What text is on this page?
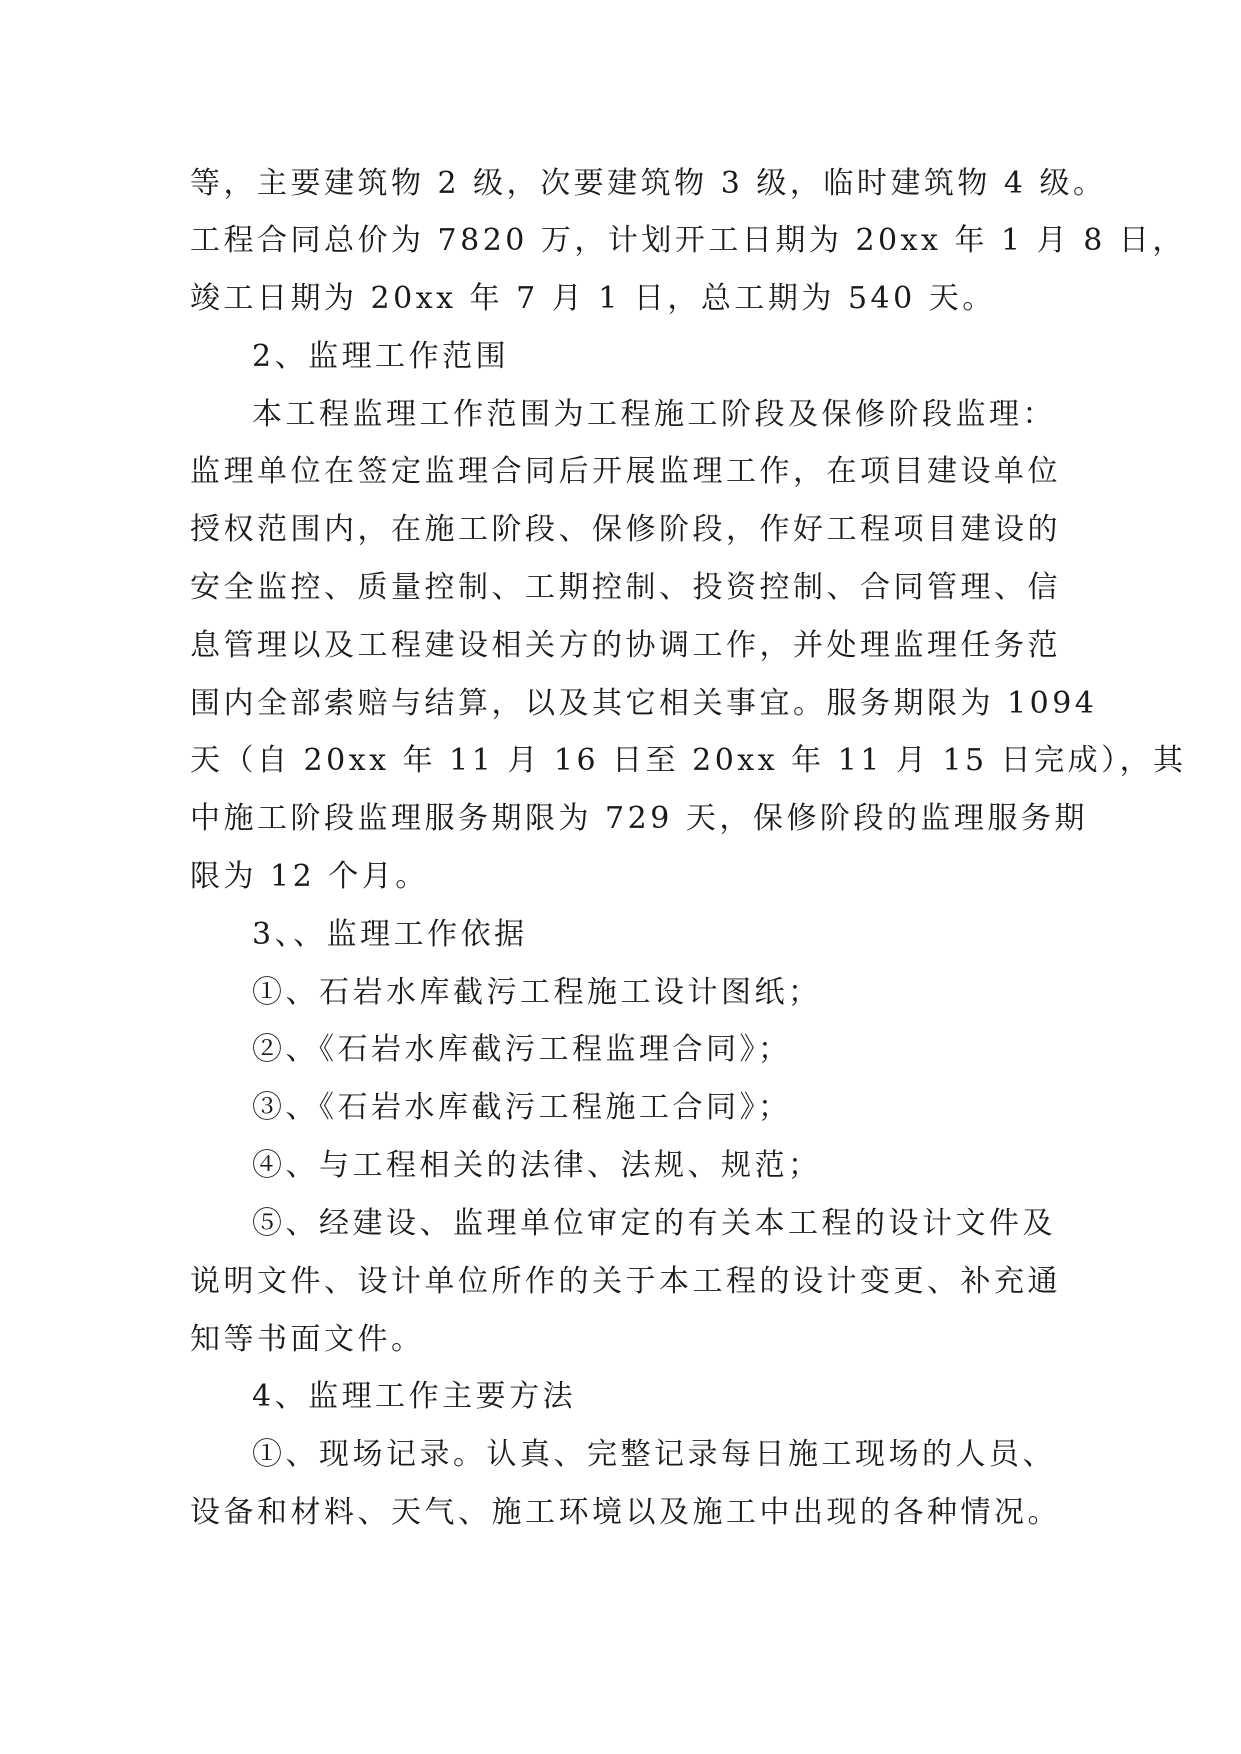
等，主要建筑物 2 级，次要建筑物 3 级，临时建筑物 4 级。
工程合同总价为 7820 万，计划开工日期为 20xx 年 1 月 8 日，
竣工日期为 20xx 年 7 月 1 日，总工期为 540 天。
2、监理工作范围
本工程监理工作范围为工程施工阶段及保修阶段监理：
监理单位在签定监理合同后开展监理工作，在项目建设单位
授权范围内，在施工阶段、保修阶段，作好工程项目建设的
安全监控、质量控制、工期控制、投资控制、合同管理、信
息管理以及工程建设相关方的协调工作，并处理监理任务范
围内全部索赔与结算，以及其它相关事宜。服务期限为 1094
天（自 20xx 年 11 月 16 日至 20xx 年 11 月 15 日完成），其
中施工阶段监理服务期限为 729 天，保修阶段的监理服务期
限为 12 个月。
3、、监理工作依据
①、石岩水库截污工程施工设计图纸；
②、《石岩水库截污工程监理合同》；
③、《石岩水库截污工程施工合同》；
④、与工程相关的法律、法规、规范；
⑤、经建设、监理单位审定的有关本工程的设计文件及
说明文件、设计单位所作的关于本工程的设计变更、补充通
知等书面文件。
4、监理工作主要方法
①、现场记录。认真、完整记录每日施工现场的人员、
设备和材料、天气、施工环境以及施工中出现的各种情况。
